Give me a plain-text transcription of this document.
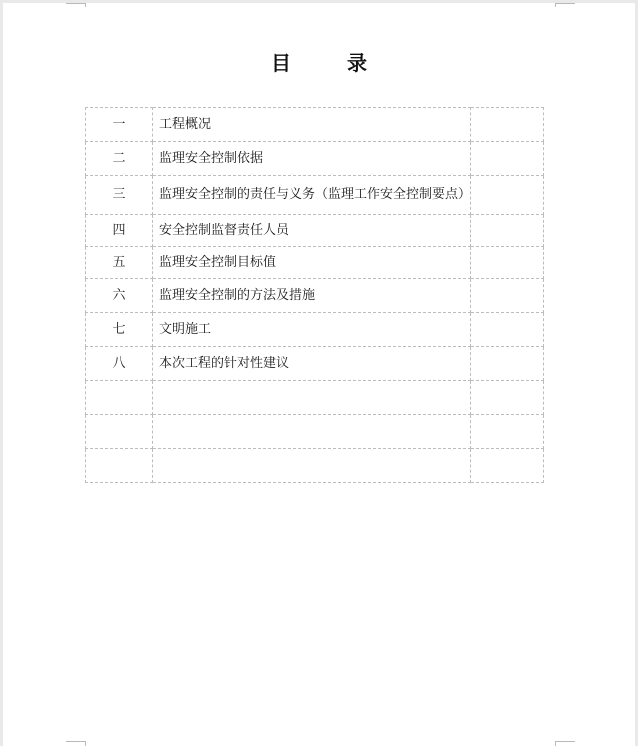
目	录
一	工程概况	
二	监理安全控制依据	
三	监理安全控制的责任与义务（监理工作安全控制要点）	
四	安全控制监督责任人员	
五	监理安全控制目标值	
六	监理安全控制的方法及措施	
七	文明施工	
八	本次工程的针对性建议	
